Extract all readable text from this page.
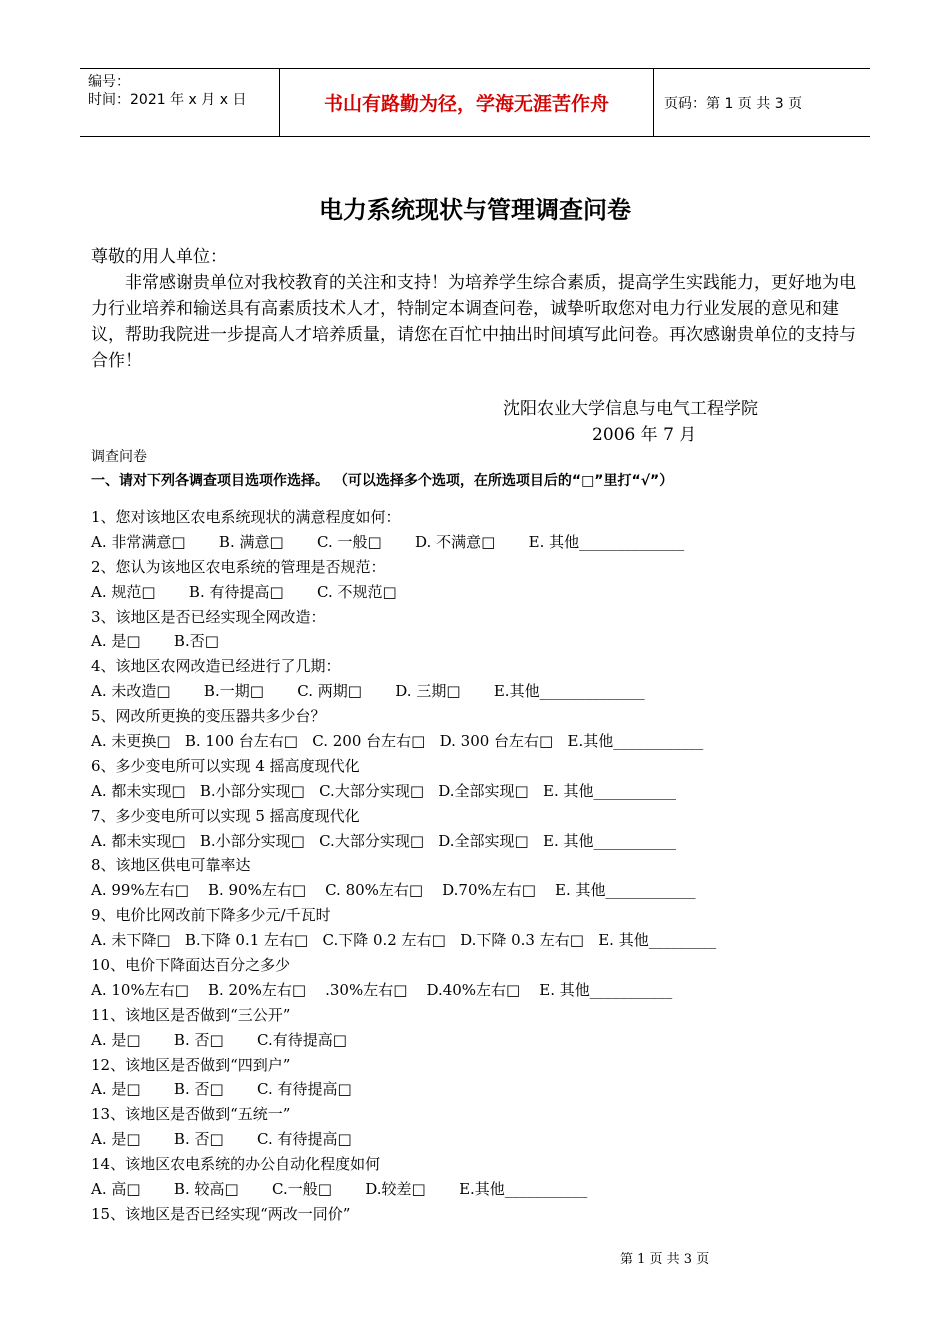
编号：
时间：2021 年 x 月 x 日	书山有路勤为径，学海无涯苦作舟	页码：第 1 页 共 3 页
电力系统现状与管理调查问卷

尊敬的用人单位：

非常感谢贵单位对我校教育的关注和支持！为培养学生综合素质，提高学生实践能力，更好地为电力行业培养和输送具有高素质技术人才，特制定本调查问卷，诚挚听取您对电力行业发展的意见和建议，帮助我院进一步提高人才培养质量，请您在百忙中抽出时间填写此问卷。再次感谢贵单位的支持与合作！

沈阳农业大学信息与电气工程学院
2006 年 7 月
调查问卷
一、请对下列各调查项目选项作选择。 （可以选择多个选项，在所选项目后的“□”里打“√”）
1、您对该地区农电系统现状的满意程度如何：
A. 非常满意□       B. 满意□       C. 一般□       D. 不满意□       E. 其他______________
2、您认为该地区农电系统的管理是否规范：
A. 规范□       B. 有待提高□       C. 不规范□
3、该地区是否已经实现全网改造：
A. 是□       B.否□
4、该地区农网改造已经进行了几期：
A. 未改造□       B.一期□       C. 两期□       D. 三期□       E.其他______________
5、网改所更换的变压器共多少台？
A. 未更换□   B. 100 台左右□   C. 200 台左右□   D. 300 台左右□   E.其他____________
6、多少变电所可以实现 4 摇高度现代化
A. 都未实现□   B.小部分实现□   C.大部分实现□   D.全部实现□   E. 其他___________
7、多少变电所可以实现 5 摇高度现代化
A. 都未实现□   B.小部分实现□   C.大部分实现□   D.全部实现□   E. 其他___________
8、该地区供电可靠率达
A. 99%左右□    B. 90%左右□    C. 80%左右□    D.70%左右□    E. 其他____________
9、电价比网改前下降多少元/千瓦时
A. 未下降□   B.下降 0.1 左右□   C.下降 0.2 左右□   D.下降 0.3 左右□   E. 其他_________
10、电价下降面达百分之多少
A. 10%左右□    B. 20%左右□    .30%左右□    D.40%左右□    E. 其他___________
11、该地区是否做到“三公开”
A. 是□       B. 否□       C.有待提高□
12、该地区是否做到“四到户”
A. 是□       B. 否□       C. 有待提高□
13、该地区是否做到“五统一”
A. 是□       B. 否□       C. 有待提高□
14、该地区农电系统的办公自动化程度如何
A. 高□       B. 较高□       C.一般□       D.较差□       E.其他___________
15、该地区是否已经实现“两改一同价”
第 1 页 共 3 页
